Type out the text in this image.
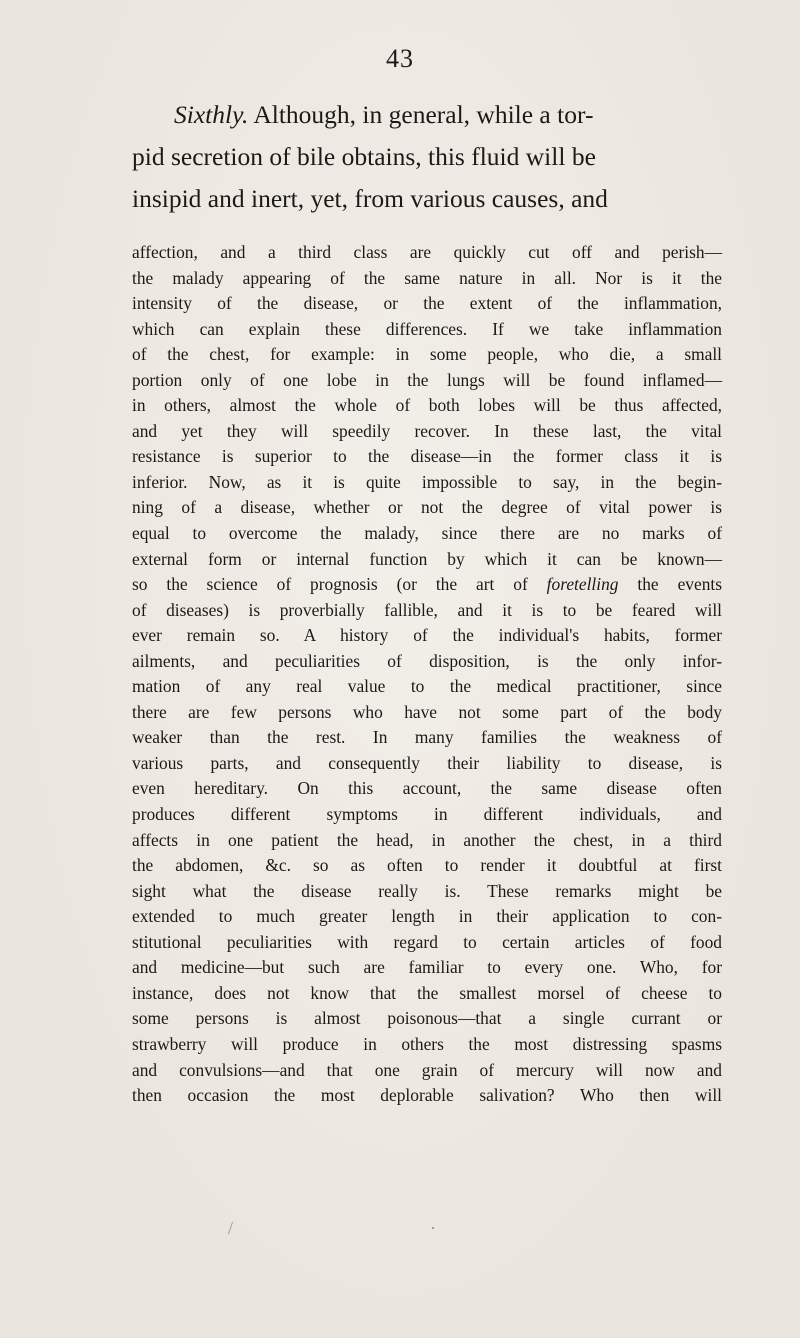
43
Sixthly. Although, in general, while a tor-
pid secretion of bile obtains, this fluid will be
insipid and inert, yet, from various causes, and
affection, and a third class are quickly cut off and perish—
the malady appearing of the same nature in all. Nor is it the
intensity of the disease, or the extent of the inflammation,
which can explain these differences. If we take inflammation
of the chest, for example: in some people, who die, a small
portion only of one lobe in the lungs will be found inflamed—
in others, almost the whole of both lobes will be thus affected,
and yet they will speedily recover. In these last, the vital
resistance is superior to the disease—in the former class it is
inferior. Now, as it is quite impossible to say, in the begin-
ning of a disease, whether or not the degree of vital power is
equal to overcome the malady, since there are no marks of
external form or internal function by which it can be known—
so the science of prognosis (or the art of foretelling the events
of diseases) is proverbially fallible, and it is to be feared will
ever remain so. A history of the individual's habits, former
ailments, and peculiarities of disposition, is the only infor-
mation of any real value to the medical practitioner, since
there are few persons who have not some part of the body
weaker than the rest. In many families the weakness of
various parts, and consequently their liability to disease, is
even hereditary. On this account, the same disease often
produces different symptoms in different individuals, and
affects in one patient the head, in another the chest, in a third
the abdomen, &c. so as often to render it doubtful at first
sight what the disease really is. These remarks might be
extended to much greater length in their application to con-
stitutional peculiarities with regard to certain articles of food
and medicine—but such are familiar to every one. Who, for
instance, does not know that the smallest morsel of cheese to
some persons is almost poisonous—that a single currant or
strawberry will produce in others the most distressing spasms
and convulsions—and that one grain of mercury will now and
then occasion the most deplorable salivation? Who then will
/	·
